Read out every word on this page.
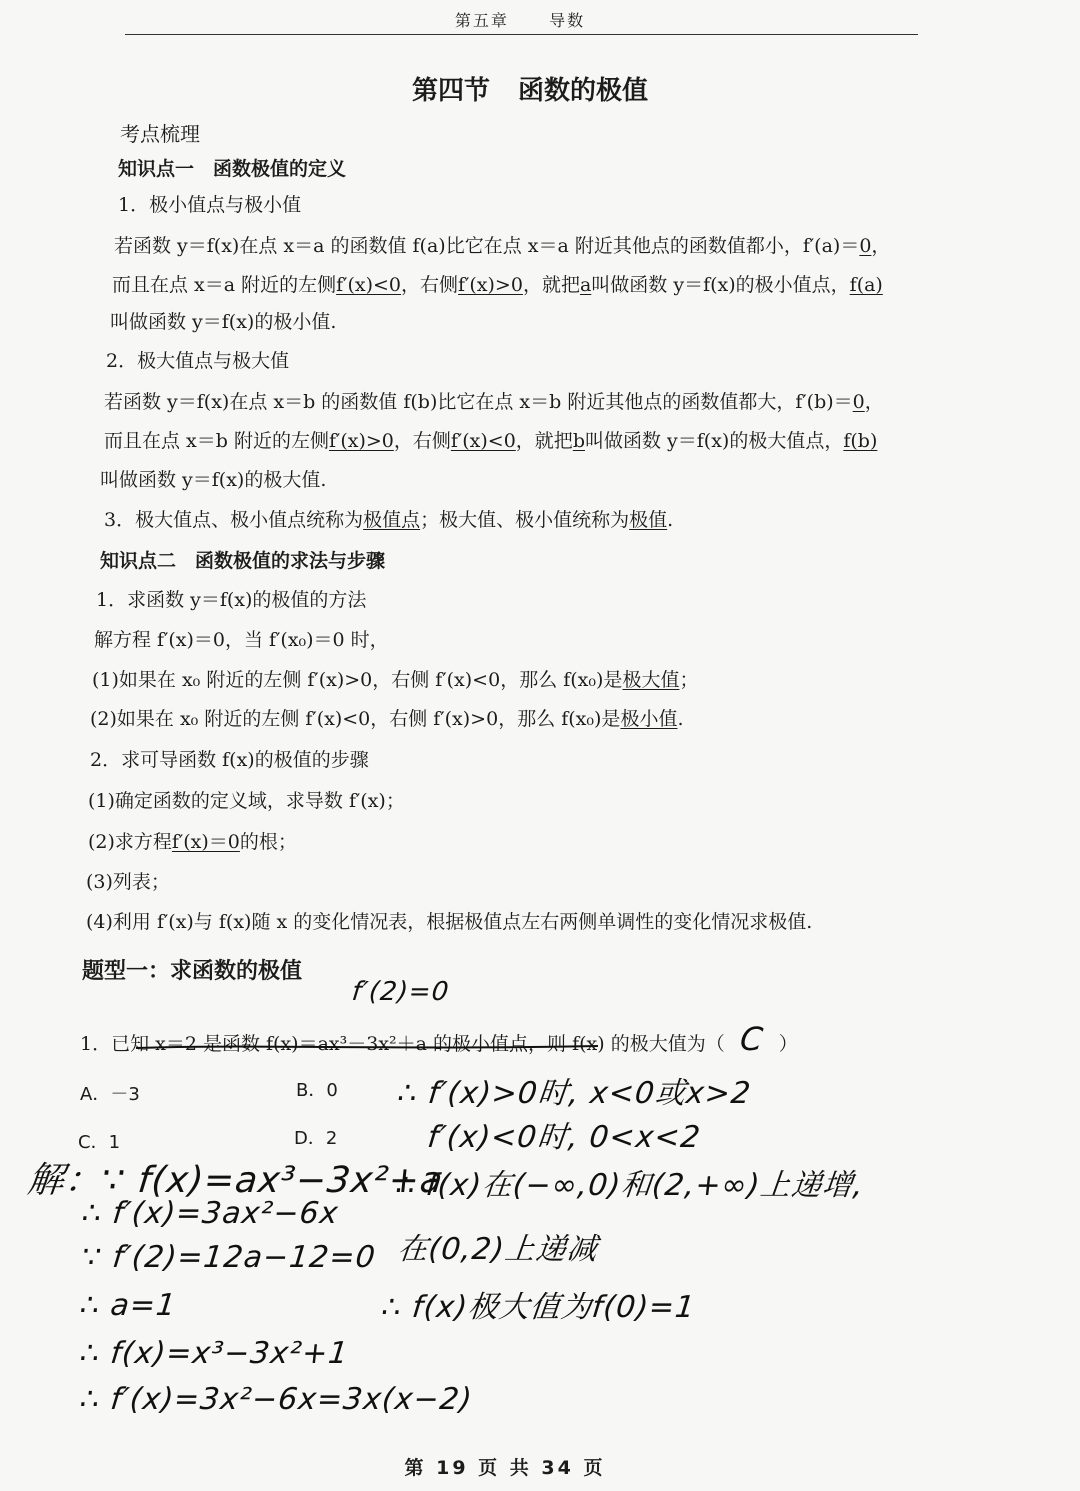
第五章	导数
第四节 函数的极值
考点梳理
知识点一　函数极值的定义
1．极小值点与极小值
若函数 y＝f(x)在点 x＝a 的函数值 f(a)比它在点 x＝a 附近其他点的函数值都小，f′(a)＝0，
而且在点 x＝a 附近的左侧f′(x)<0，右侧f′(x)>0，就把a叫做函数 y＝f(x)的极小值点，f(a)
叫做函数 y＝f(x)的极小值.
2．极大值点与极大值
若函数 y＝f(x)在点 x＝b 的函数值 f(b)比它在点 x＝b 附近其他点的函数值都大，f′(b)＝0，
而且在点 x＝b 附近的左侧f′(x)>0，右侧f′(x)<0，就把b叫做函数 y＝f(x)的极大值点，f(b)
叫做函数 y＝f(x)的极大值.
3．极大值点、极小值点统称为极值点；极大值、极小值统称为极值.
知识点二　函数极值的求法与步骤
1．求函数 y＝f(x)的极值的方法
解方程 f′(x)＝0，当 f′(x₀)＝0 时，
(1)如果在 x₀ 附近的左侧 f′(x)>0，右侧 f′(x)<0，那么 f(x₀)是极大值；
(2)如果在 x₀ 附近的左侧 f′(x)<0，右侧 f′(x)>0，那么 f(x₀)是极小值.
2．求可导函数 f(x)的极值的步骤
(1)确定函数的定义域，求导数 f′(x)；
(2)求方程f′(x)＝0的根；
(3)列表；
(4)利用 f′(x)与 f(x)随 x 的变化情况表，根据极值点左右两侧单调性的变化情况求极值.
题型一：求函数的极值
f′(2)=0
1．已知 x＝2 是函数 f(x)＝ax³－3x²＋a 的极小值点，则 f(x) 的极大值为（ C ）
A．－3	B．0
C．1	D．2
解：∵ f(x)=ax³−3x²+a
∴ f′(x)=3ax²−6x
∵ f′(2)=12a−12=0
∴ a=1
∴ f(x)=x³−3x²+1
∴ f′(x)=3x²−6x=3x(x−2)
∴ f′(x)>0时, x<0或x>2
f′(x)<0时, 0<x<2
∴ f(x)在(−∞,0)和(2,+∞)上递增,
在(0,2)上递减
∴ f(x)极大值为f(0)=1
第 19 页 共 34 页
